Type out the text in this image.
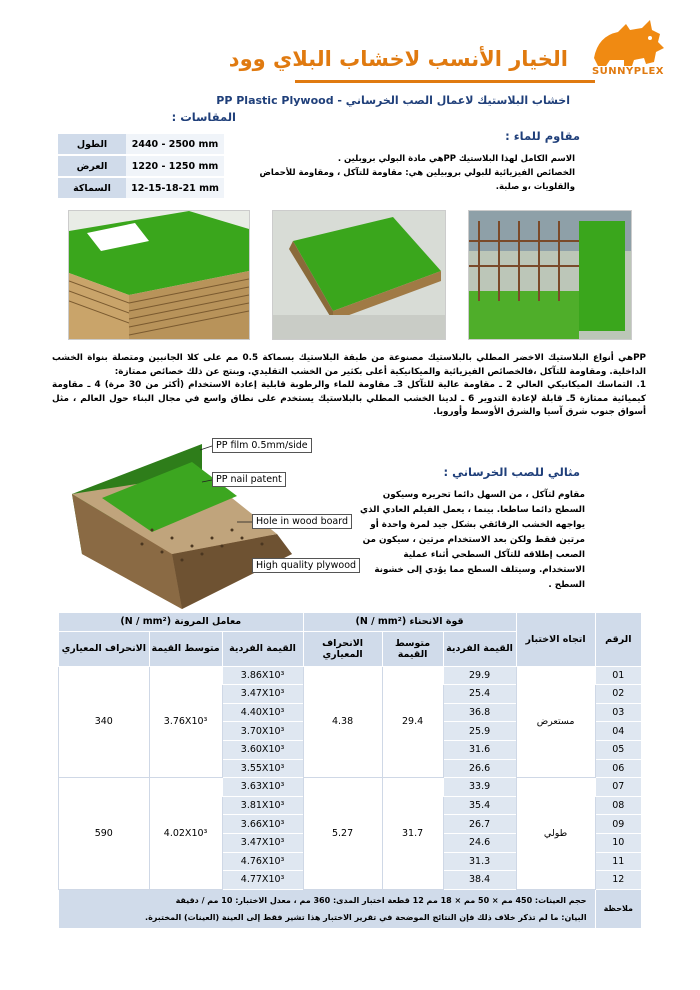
SUNNYPLEX
الخيار الأنسب لاخشاب البلاي وود
اخشاب البلاستيك لاعمال الصب الخرساني - PP Plastic Plywood
المقاسات :
الطول	2440 - 2500 mm
العرض	1220 - 1250 mm
السماكة	12-15-18-21 mm
مقاوم للماء :
الاسم الكامل لهذا البلاستيك PPهي مادة البولي بروبلين .
الخصائص الفيزيائية للبولي بروبيلين هي: مقاومة للتآكل ، ومقاومة للأحماض والقلويات ،و صلبة.
PPهي أنواع البلاستيك الاخضر المطلي بالبلاستيك مصنوعة من طبقة البلاستيك بسماكة 0.5 مم على كلا الجانبين ومتصلة بنواة الخشب الداخلية. ومقاومة للتآكل ،فالخصائص الفيزيائية والميكانيكية أعلى بكثير من الخشب التقليدي. وينتج عن ذلك خصائص ممتازة:
1. التماسك الميكانيكي العالي 2 ـ مقاومة عالية للتآكل 3ـ مقاومة للماء والرطوبة قابلية إعادة الاستخدام (أكثر من 30 مرة) 4 ـ مقاومة كيميائية ممتازة 5ـ قابلة لإعادة التدوير 6 ـ لدينا الخشب المطلي بالبلاستيك يستخدم على نطاق واسع في مجال البناء حول العالم ، مثل أسواق جنوب شرق آسيا والشرق الأوسط وأوروبا.
PP film 0.5mm/side
PP nail patent
Hole in wood board
High quality plywood
مثالي للصب الخرساني :
مقاوم لتآكل ، من السهل دائما تحريره وسيكون السطح دائما ساطعا. بينما ، يعمل الفيلم العادي الذي يواجهه الخشب الرقائقي بشكل جيد لمرة واحدة أو مرتين فقط ولكن بعد الاستخدام مرتين ، سيكون من الصعب إطلاقه للتآكل السطحي أثناء عملية الاستخدام. وسيتلف السطح مما يؤدي إلى خشونة السطح .
الرقم	اتجاه الاختبار	قوة الانحناء (N / mm²)			معامل المرونة (N / mm²)		
		القيمة الفردية	متوسط القيمة	الانحراف المعياري	القيمة الفردية	متوسط القيمة	الانحراف المعياري
01	مستعرض	29.9	29.4	4.38	3.86X10³	3.76X10³	340
02		25.4			3.47X10³		
03		36.8			4.40X10³		
04		25.9			3.70X10³		
05		31.6			3.60X10³		
06		26.6			3.55X10³		
07	طولي	33.9	31.7	5.27	3.63X10³	4.02X10³	590
08		35.4			3.81X10³		
09		26.7			3.66X10³		
10		24.6			3.47X10³		
11		31.3			4.76X10³		
12		38.4			4.77X10³		
ملاحظة	حجم العينات: 450 مم × 50 مم × 18 مم 12 قطعة اختبار المدى: 360 مم ، معدل الاختبار: 10 مم / دقيقة
البيان: ما لم تذكر خلاف ذلك فإن النتائج الموضحة في تقرير الاختبار هذا تشير فقط إلى العينة (العينات) المختبرة.						
